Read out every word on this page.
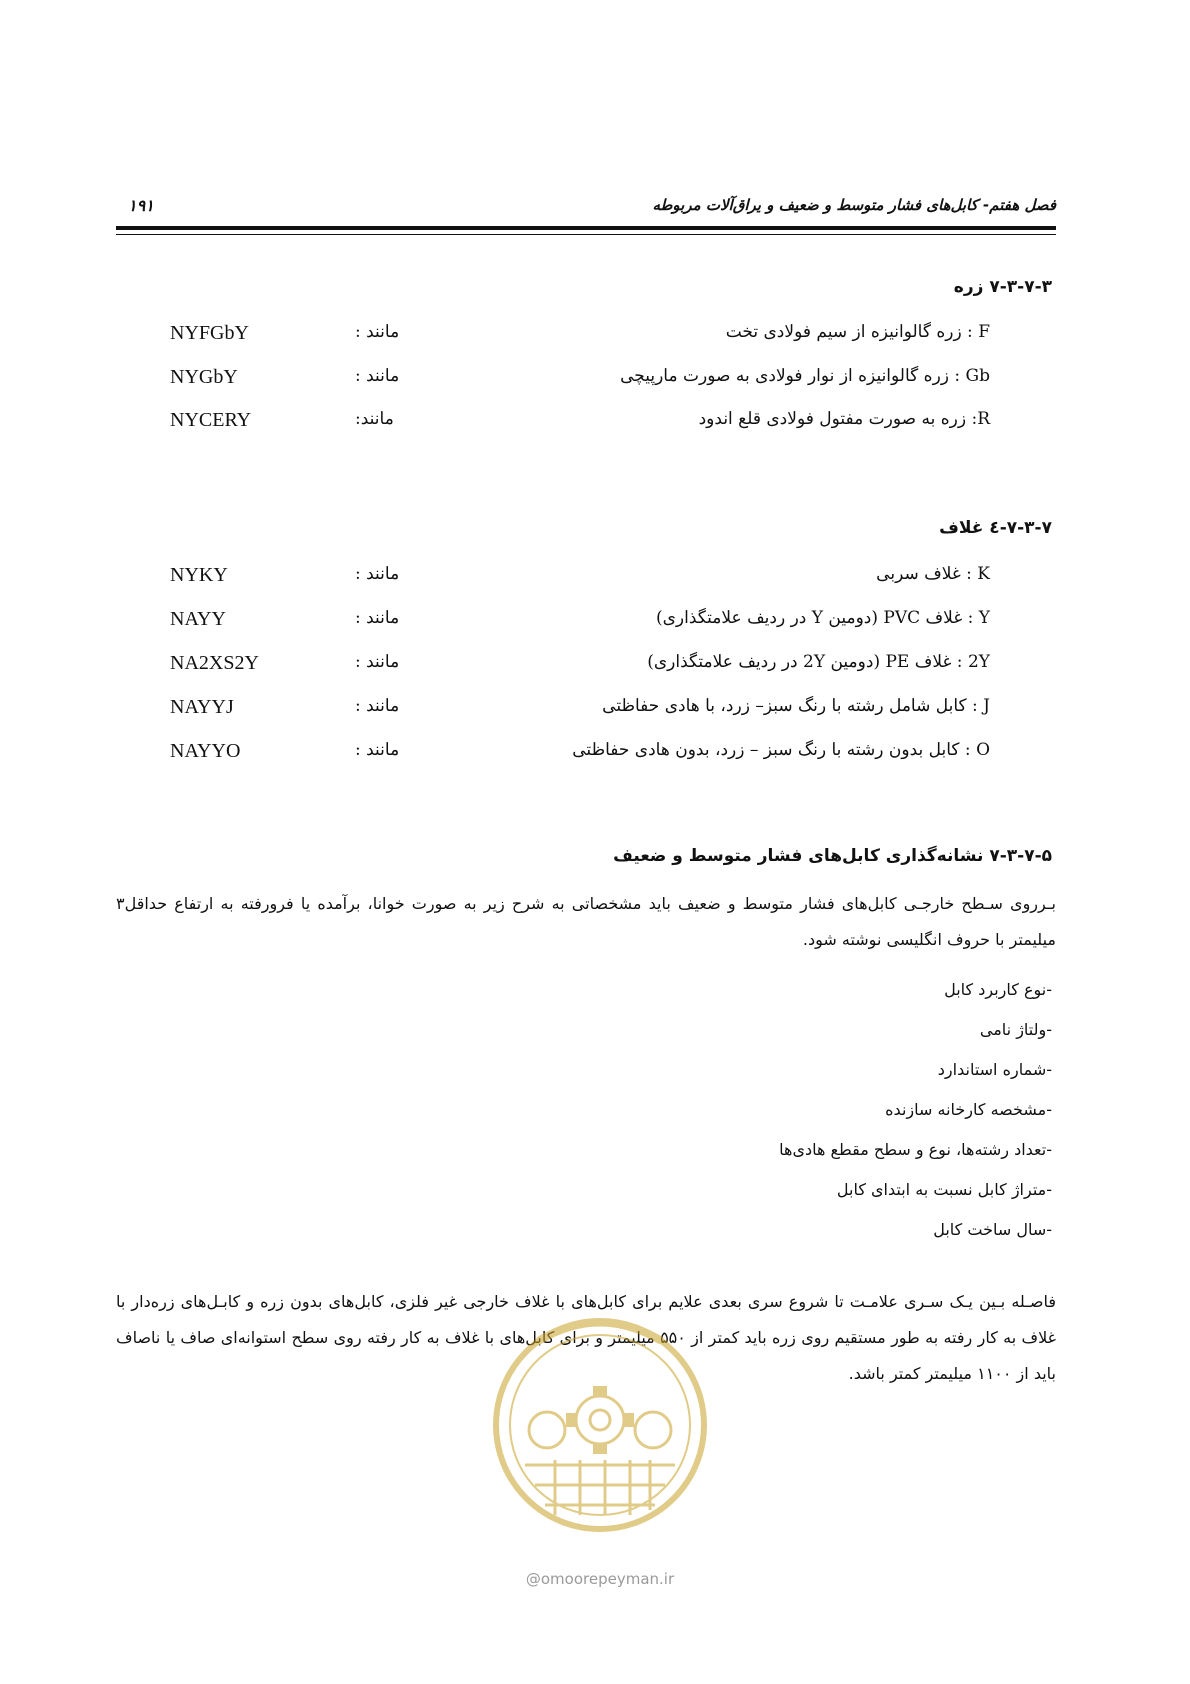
فصل هفتم- کابل‌های فشار متوسط و ضعیف و یراق‌آلات مربوطه
۱۹۱
۷-۳-۷-۳ زره
F : زره گالوانیزه از سیم فولادی تخت
مانند :
NYFGbY
Gb : زره گالوانیزه از نوار فولادی به صورت مارپیچی
مانند :
NYGbY
R: زره به صورت مفتول فولادی قلع اندود
مانند:
NYCERY
۷-۳-۷-٤ غلاف
K : غلاف سربی
مانند :
NYKY
Y : غلاف PVC (دومین Y در ردیف علامتگذاری)
مانند :
NAYY
2Y : غلاف PE (دومین 2Y در ردیف علامتگذاری)
مانند :
NA2XS2Y
J : کابل شامل رشته با رنگ سبز– زرد، با هادی حفاظتی
مانند :
NAYYJ
O : کابل بدون رشته با رنگ سبز – زرد، بدون هادی حفاظتی
مانند :
NAYYO
۷-۳-۷-۵ نشانه‌گذاری کابل‌های فشار متوسط و ضعیف
بـرروی سـطح خارجـی کابل‌های فشار متوسط و ضعیف باید مشخصاتی به شرح زیر به صورت خوانا، برآمده یا فرورفته به ارتفاع حداقل۳ میلیمتر با حروف انگلیسی نوشته شود.
-نوع کاربرد کابل
-ولتاژ نامی
-شماره استاندارد
-مشخصه کارخانه سازنده
-تعداد رشته‌ها، نوع و سطح مقطع هادی‌ها
-متراژ کابل نسبت به ابتدای کابل
-سال ساخت کابل
فاصـله بـین یـک سـری علامـت تا شروع سری بعدی علایم برای کابل‌های با غلاف خارجی غیر فلزی، کابل‌های بدون زره و کابـل‌های زره‌دار با غلاف به کار رفته به طور مستقیم روی زره باید کمتر از ۵۵۰ میلیمتر و برای کابل‌های با غلاف به کار رفته روی سطح استوانه‌ای صاف یا ناصاف باید از ۱۱۰۰ میلیمتر کمتر باشد.
@omoorepeyman.ir
